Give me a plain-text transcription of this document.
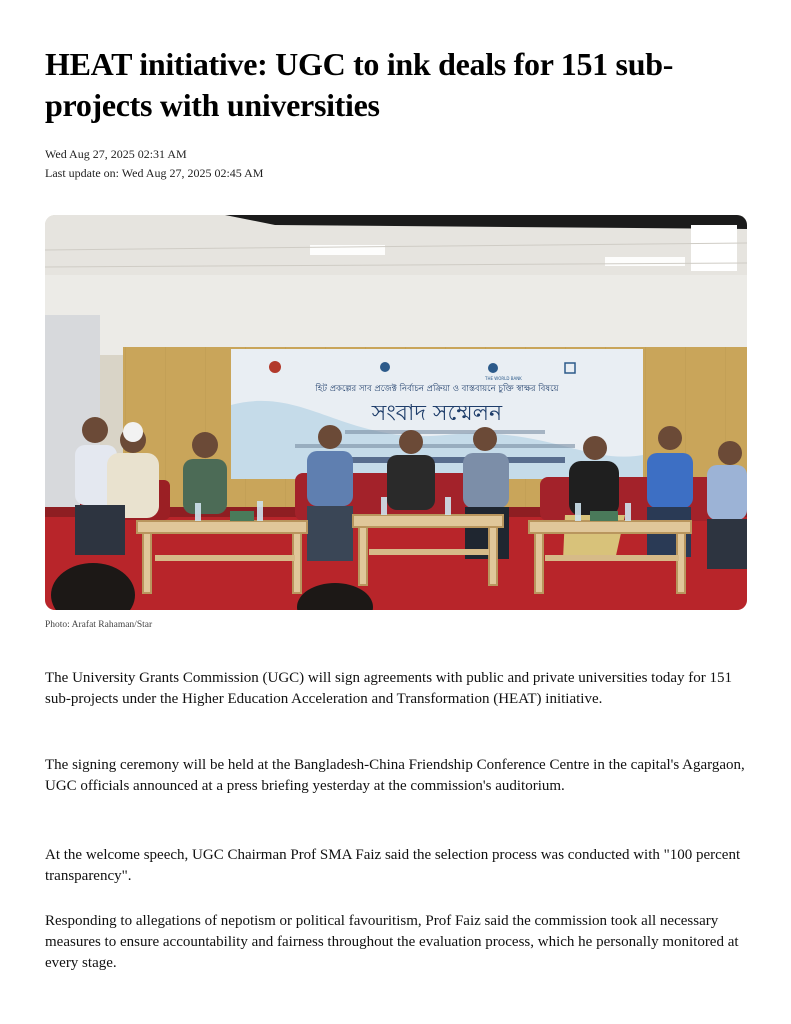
HEAT initiative: UGC to ink deals for 151 sub-projects with universities
Wed Aug 27, 2025 02:31 AM
Last update on: Wed Aug 27, 2025 02:45 AM
THE WORLD BANK
হিট প্রকল্পের সাব প্রজেক্ট নির্বাচন প্রক্রিয়া ও বাস্তবায়নে চুক্তি স্বাক্ষর বিষয়ে
সংবাদ সম্মেলন
Photo: Arafat Rahaman/Star

The University Grants Commission (UGC) will sign agreements with public and private universities today for 151 sub-projects under the Higher Education Acceleration and Transformation (HEAT) initiative.

The signing ceremony will be held at the Bangladesh-China Friendship Conference Centre in the capital's Agargaon, UGC officials announced at a press briefing yesterday at the commission's auditorium.

At the welcome speech, UGC Chairman Prof SMA Faiz said the selection process was conducted with "100 percent transparency".

Responding to allegations of nepotism or political favouritism, Prof Faiz said the commission took all necessary measures to ensure accountability and fairness throughout the evaluation process, which he personally monitored at every stage.
